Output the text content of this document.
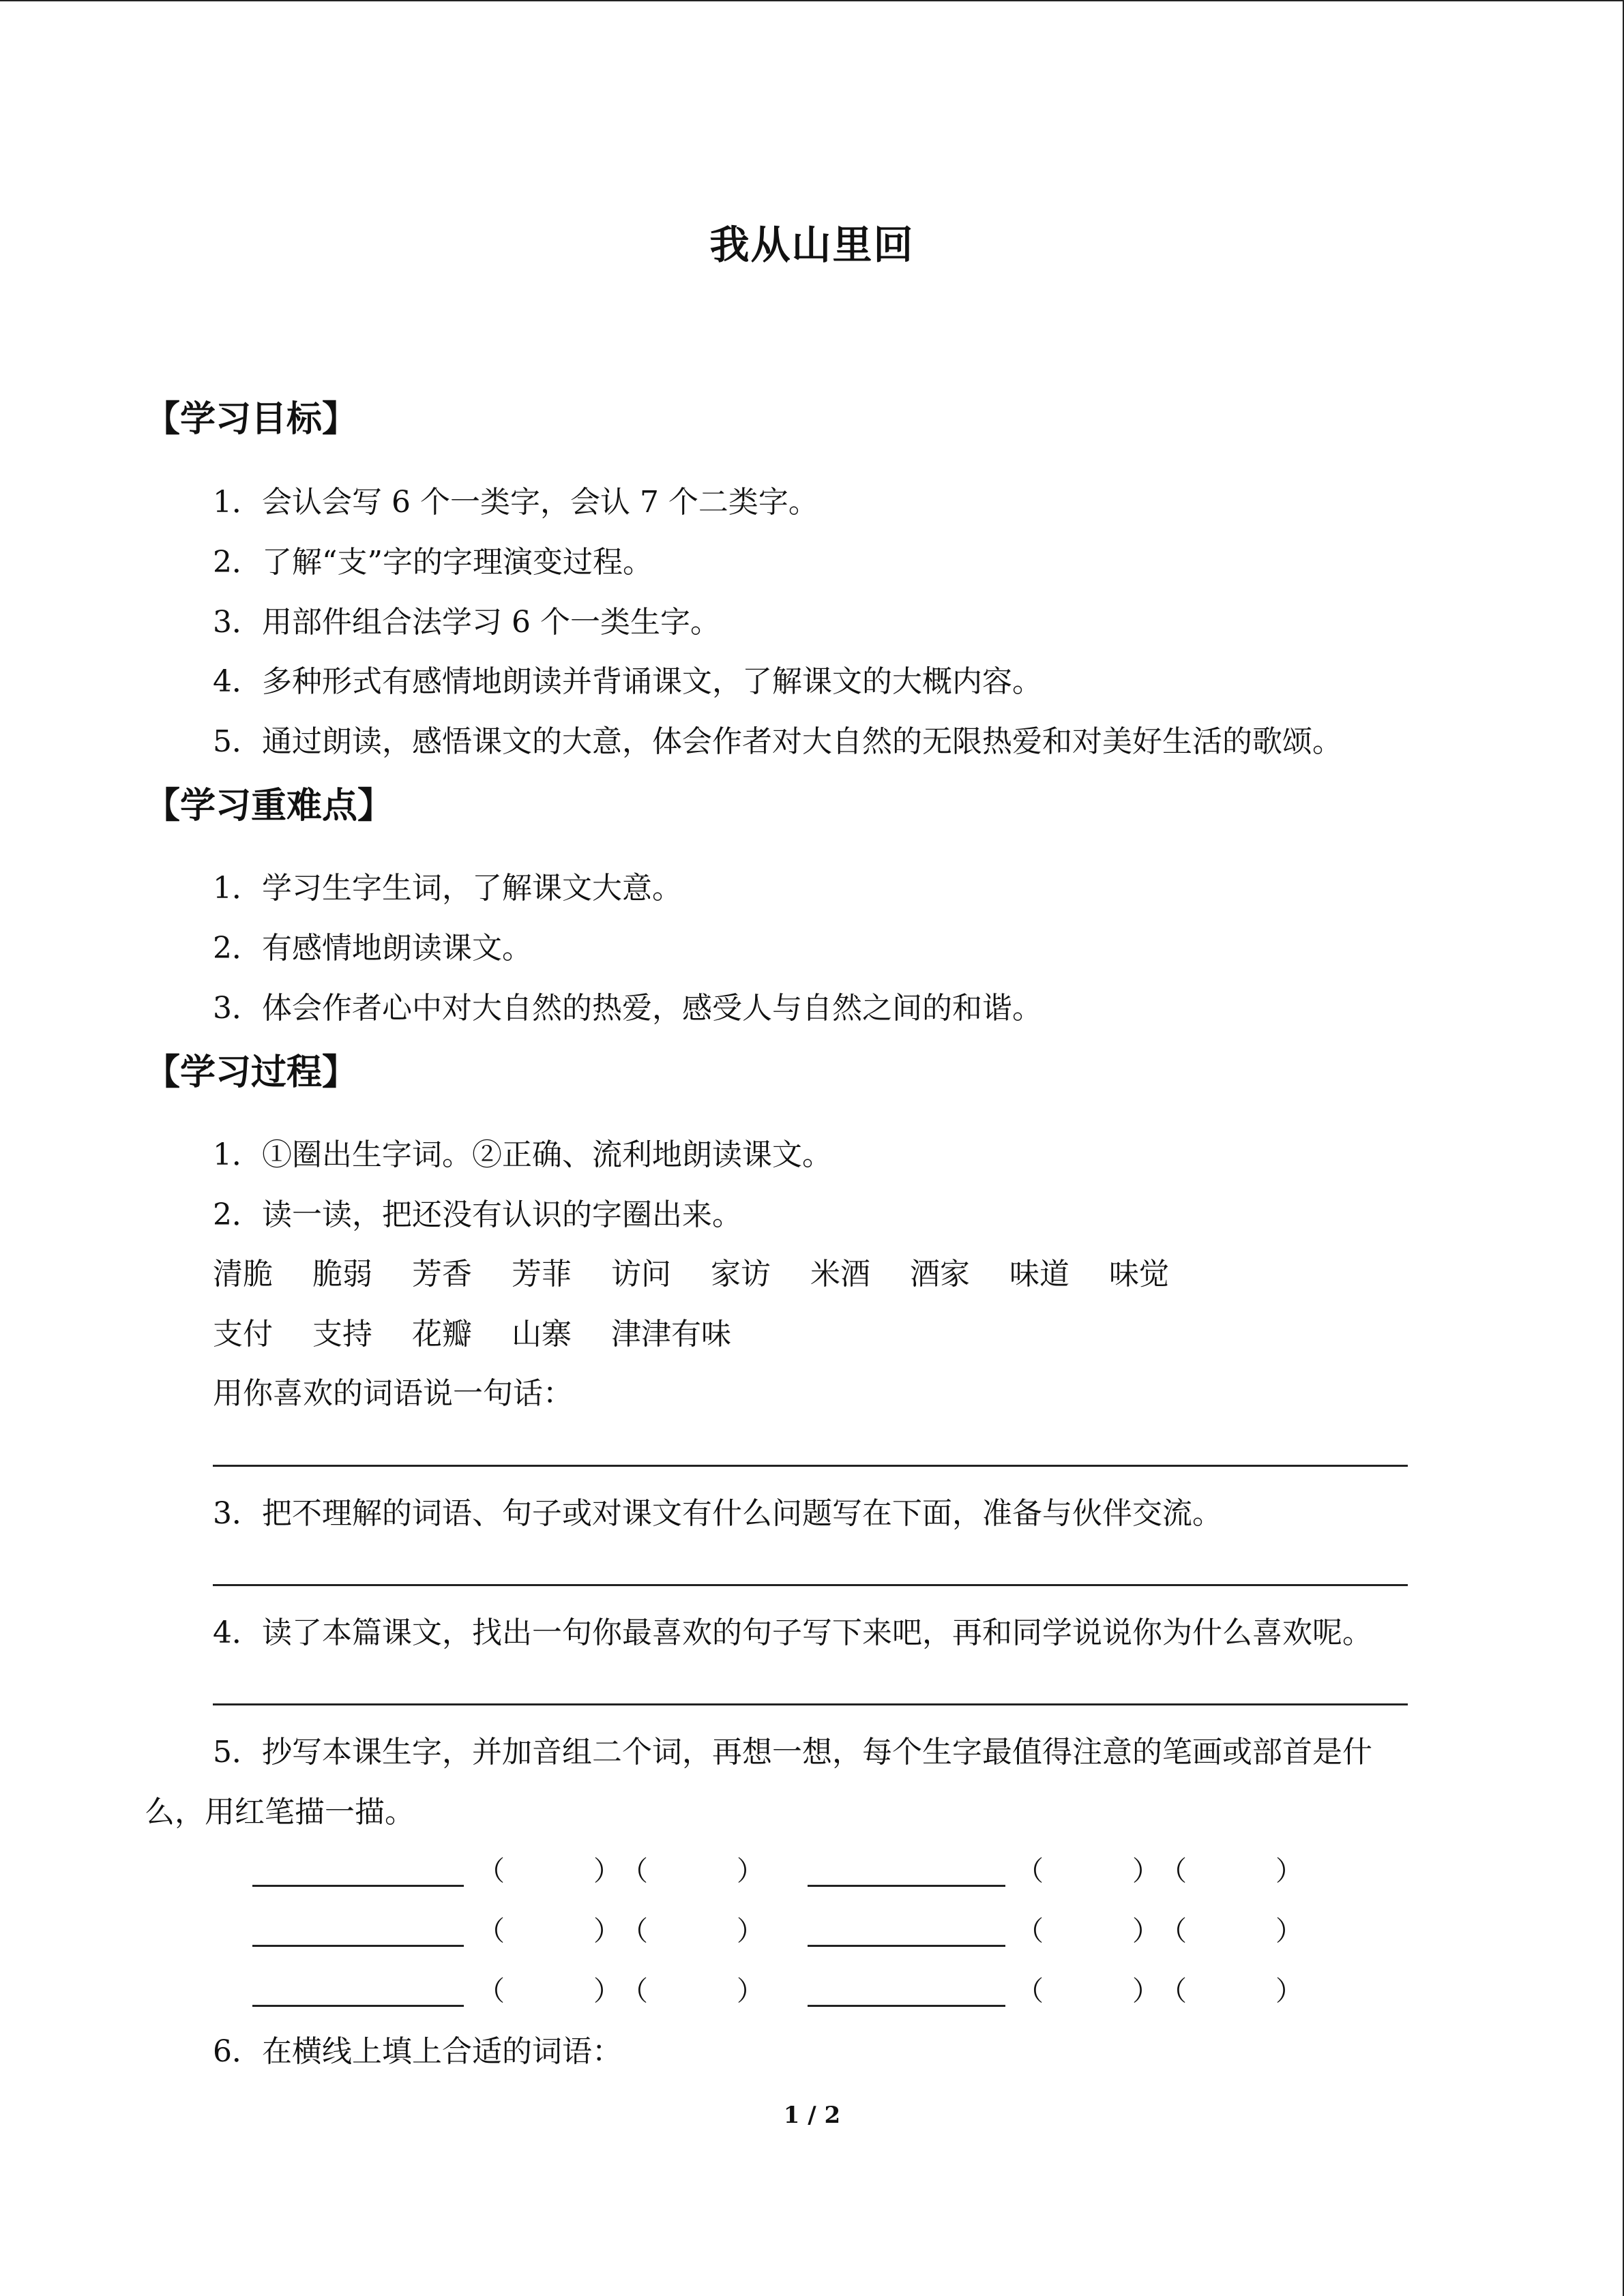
我从山里回
【学习目标】
1．会认会写 6 个一类字，会认 7 个二类字。
2．了解“支”字的字理演变过程。
3．用部件组合法学习 6 个一类生字。
4．多种形式有感情地朗读并背诵课文，了解课文的大概内容。
5．通过朗读，感悟课文的大意，体会作者对大自然的无限热爱和对美好生活的歌颂。
【学习重难点】
1．学习生字生词，了解课文大意。
2．有感情地朗读课文。
3．体会作者心中对大自然的热爱，感受人与自然之间的和谐。
【学习过程】
1．①圈出生字词。②正确、流利地朗读课文。
2．读一读，把还没有认识的字圈出来。
清脆 脆弱 芳香 芳菲 访问 家访 米酒 酒家 味道 味觉
支付 支持 花瓣 山寨 津津有味
用你喜欢的词语说一句话：
3．把不理解的词语、句子或对课文有什么问题写在下面，准备与伙伴交流。
4．读了本篇课文，找出一句你最喜欢的句子写下来吧，再和同学说说你为什么喜欢呢。
5．抄写本课生字，并加音组二个词，再想一想，每个生字最值得注意的笔画或部首是什
么，用红笔描一描。
（	） （	）	（	） （	）
（	） （	）	（	） （	）
（	） （	）	（	） （	）
6．在横线上填上合适的词语：
1 / 2
